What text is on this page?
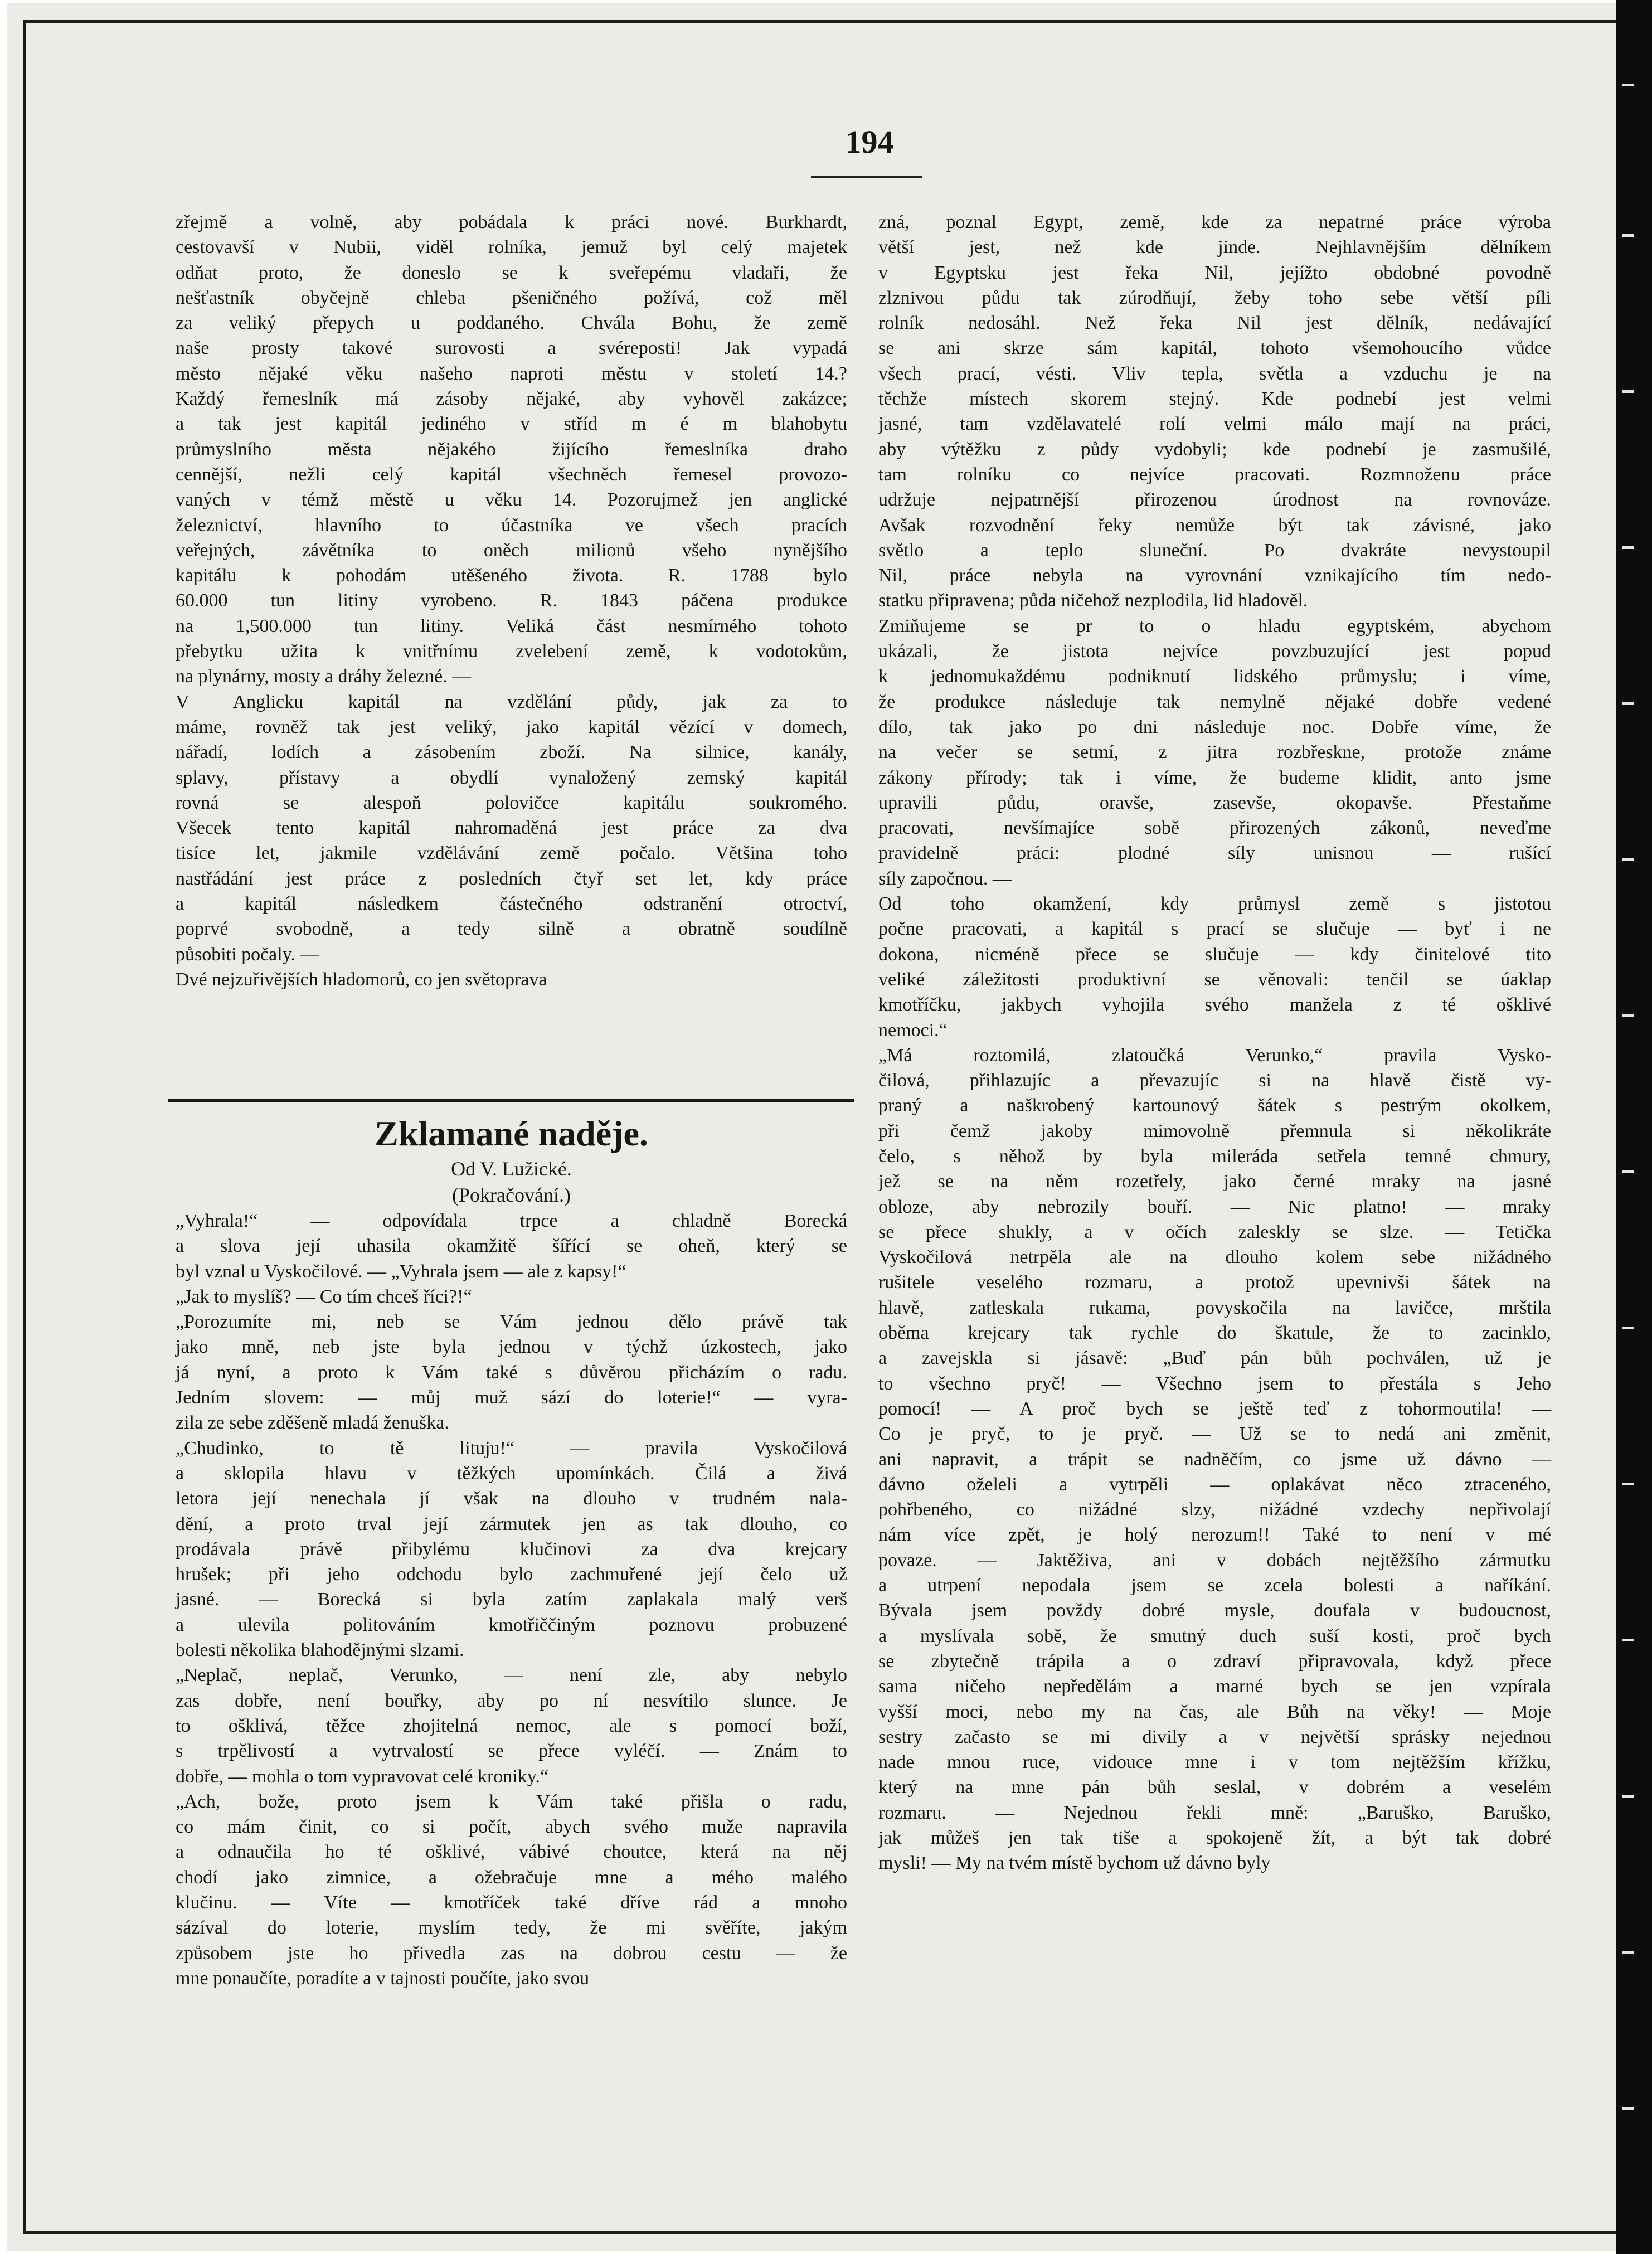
194

zřejmě a volně, aby pobádala k práci nové. Burkhardt,
cestovavší v Nubii, viděl rolníka, jemuž byl celý majetek
odňat proto, že doneslo se k sveřepému vladaři, že
nešťastník obyčejně chleba pšeničného požívá, což měl
za veliký přepych u poddaného. Chvála Bohu, že země
naše prosty takové surovosti a svéreposti! Jak vypadá
město nějaké věku našeho naproti městu v století 14.?
Každý řemeslník má zásoby nějaké, aby vyhověl zakázce;
a tak jest kapitál jediného v stříd m é m blahobytu
průmyslního města nějakého žijícího řemeslníka draho
cennější, nežli celý kapitál všechněch řemesel provozo-
vaných v témž městě u věku 14. Pozorujmež jen anglické
železnictví, hlavního to účastníka ve všech pracích
veřejných, závětníka to oněch milionů všeho nynějšího
kapitálu k pohodám utěšeného života. R. 1788 bylo
60.000 tun litiny vyrobeno. R. 1843 páčena produkce
na 1,500.000 tun litiny. Veliká část nesmírného tohoto
přebytku užita k vnitřnímu zvelebení země, k vodotokům,
na plynárny, mosty a dráhy železné. —
V Anglicku kapitál na vzdělání půdy, jak za to
máme, rovněž tak jest veliký, jako kapitál vězící v domech,
nářadí, lodích a zásobením zboží. Na silnice, kanály,
splavy, přístavy a obydlí vynaložený zemský kapitál
rovná se alespoň polovičce kapitálu soukromého.
Všecek tento kapitál nahromaděná jest práce za dva
tisíce let, jakmile vzdělávání země počalo. Většina toho
nastřádání jest práce z posledních čtyř set let, kdy práce
a kapitál následkem částečného odstranění otroctví,
poprvé svobodně, a tedy silně a obratně soudílně
působiti počaly. —
Dvé nejzuřivějších hladomorů, co jen světoprava
zná, poznal Egypt, země, kde za nepatrné práce výroba
větší jest, než kde jinde. Nejhlavnějším dělníkem
v Egyptsku jest řeka Nil, jejížto obdobné povodně
zlznivou půdu tak zúrodňují, žeby toho sebe větší píli
rolník nedosáhl. Než řeka Nil jest dělník, nedávající
se ani skrze sám kapitál, tohoto všemohoucího vůdce
všech prací, vésti. Vliv tepla, světla a vzduchu je na
těchže místech skorem stejný. Kde podnebí jest velmi
jasné, tam vzdělavatelé rolí velmi málo mají na práci,
aby výtěžku z půdy vydobyli; kde podnebí je zasmušilé,
tam rolníku co nejvíce pracovati. Rozmnoženu práce
udržuje nejpatrnější přirozenou úrodnost na rovnováze.
Avšak rozvodnění řeky nemůže být tak závisné, jako
světlo a teplo sluneční. Po dvakráte nevystoupil
Nil, práce nebyla na vyrovnání vznikajícího tím nedo-
statku připravena; půda ničehož nezplodila, lid hladověl.
Zmiňujeme se pr to o hladu egyptském, abychom
ukázali, že jistota nejvíce povzbuzující jest popud
k jednomukaždému podniknutí lidského průmyslu; i víme,
že produkce následuje tak nemylně nějaké dobře vedené
dílo, tak jako po dni následuje noc. Dobře víme, že
na večer se setmí, z jitra rozbřeskne, protože známe
zákony přírody; tak i víme, že budeme klidit, anto jsme
upravili půdu, oravše, zasevše, okopavše. Přestaňme
pracovati, nevšímajíce sobě přirozených zákonů, neveďme
pravidelně práci: plodné síly unisnou — rušící
síly započnou. —
Od toho okamžení, kdy průmysl země s jistotou
počne pracovati, a kapitál s prací se slučuje — byť i ne
dokona, nicméně přece se slučuje — kdy činitelové tito
veliké záležitosti produktivní se věnovali: tenčil se úaklap
kmotříčku, jakbych vyhojila svého manžela z té ošklivé
nemoci.“
„Má roztomilá, zlatoučká Verunko,“ pravila Vysko-
čilová, přihlazujíc a převazujíc si na hlavě čistě vy-
praný a naškrobený kartounový šátek s pestrým okolkem,
při čemž jakoby mimovolně přemnula si několikráte
čelo, s něhož by byla mileráda setřela temné chmury,
jež se na něm rozetřely, jako černé mraky na jasné
obloze, aby nebrozily bouří. — Nic platno! — mraky
se přece shukly, a v očích zaleskly se slze. — Tetička
Vyskočilová netrpěla ale na dlouho kolem sebe nižádného
rušitele veselého rozmaru, a protož upevnivši šátek na
hlavě, zatleskala rukama, povyskočila na lavičce, mrštila
oběma krejcary tak rychle do škatule, že to zacinklo,
a zavejskla si jásavě: „Buď pán bůh pochválen, už je
to všechno pryč! — Všechno jsem to přestála s Jeho
pomocí! — A proč bych se ještě teď z tohormoutila! —
Co je pryč, to je pryč. — Už se to nedá ani změnit,
ani napravit, a trápit se nadněčím, co jsme už dávno —
dávno oželeli a vytrpěli — oplakávat něco ztraceného,
pohřbeného, co nižádné slzy, nižádné vzdechy nepřivolají
nám více zpět, je holý nerozum!! Také to není v mé
povaze. — Jaktěživa, ani v dobách nejtěžšího zármutku
a utrpení nepodala jsem se zcela bolesti a naříkání.
Bývala jsem povždy dobré mysle, doufala v budoucnost,
a myslívala sobě, že smutný duch suší kosti, proč bych
se zbytečně trápila a o zdraví připravovala, když přece
sama ničeho nepředělám a marné bych se jen vzpírala
vyšší moci, nebo my na čas, ale Bůh na věky! — Moje
sestry začasto se mi divily a v největší sprásky nejednou
nade mnou ruce, vidouce mne i v tom nejtěžším křížku,
který na mne pán bůh seslal, v dobrém a veselém
rozmaru. — Nejednou řekli mně: „Baruško, Baruško,
jak můžeš jen tak tiše a spokojeně žít, a být tak dobré
mysli! — My na tvém místě bychom už dávno byly
Zklamané naděje.

Od V. Lužické.

(Pokračování.)

„Vyhrala!“ — odpovídala trpce a chladně Borecká
a slova její uhasila okamžitě šířící se oheň, který se
byl vznal u Vyskočilové. — „Vyhrala jsem — ale z kapsy!“
„Jak to myslíš? — Co tím chceš říci?!“
„Porozumíte mi, neb se Vám jednou dělo právě tak
jako mně, neb jste byla jednou v týchž úzkostech, jako
já nyní, a proto k Vám také s důvěrou přicházím o radu.
Jedním slovem: — můj muž sází do loterie!“ — vyra-
zila ze sebe zděšeně mladá ženuška.
„Chudinko, to tě lituju!“ — pravila Vyskočilová
a sklopila hlavu v těžkých upomínkách. Čilá a živá
letora její nenechala jí však na dlouho v trudném nala-
dění, a proto trval její zármutek jen as tak dlouho, co
prodávala právě přibylému klučinovi za dva krejcary
hrušek; při jeho odchodu bylo zachmuřené její čelo už
jasné. — Borecká si byla zatím zaplakala malý verš
a ulevila politováním kmotřiččiným poznovu probuzené
bolesti několika blahodějnými slzami.
„Neplač, neplač, Verunko, — není zle, aby nebylo
zas dobře, není bouřky, aby po ní nesvítilo slunce. Je
to ošklivá, těžce zhojitelná nemoc, ale s pomocí boží,
s trpělivostí a vytrvalostí se přece vyléčí. — Znám to
dobře, — mohla o tom vypravovat celé kroniky.“
„Ach, bože, proto jsem k Vám také přišla o radu,
co mám činit, co si počít, abych svého muže napravila
a odnaučila ho té ošklivé, vábivé choutce, která na něj
chodí jako zimnice, a ožebračuje mne a mého malého
klučinu. — Víte — kmotříček také dříve rád a mnoho
sázíval do loterie, myslím tedy, že mi svěříte, jakým
způsobem jste ho přivedla zas na dobrou cestu — že
mne ponaučíte, poradíte a v tajnosti poučíte, jako svou
